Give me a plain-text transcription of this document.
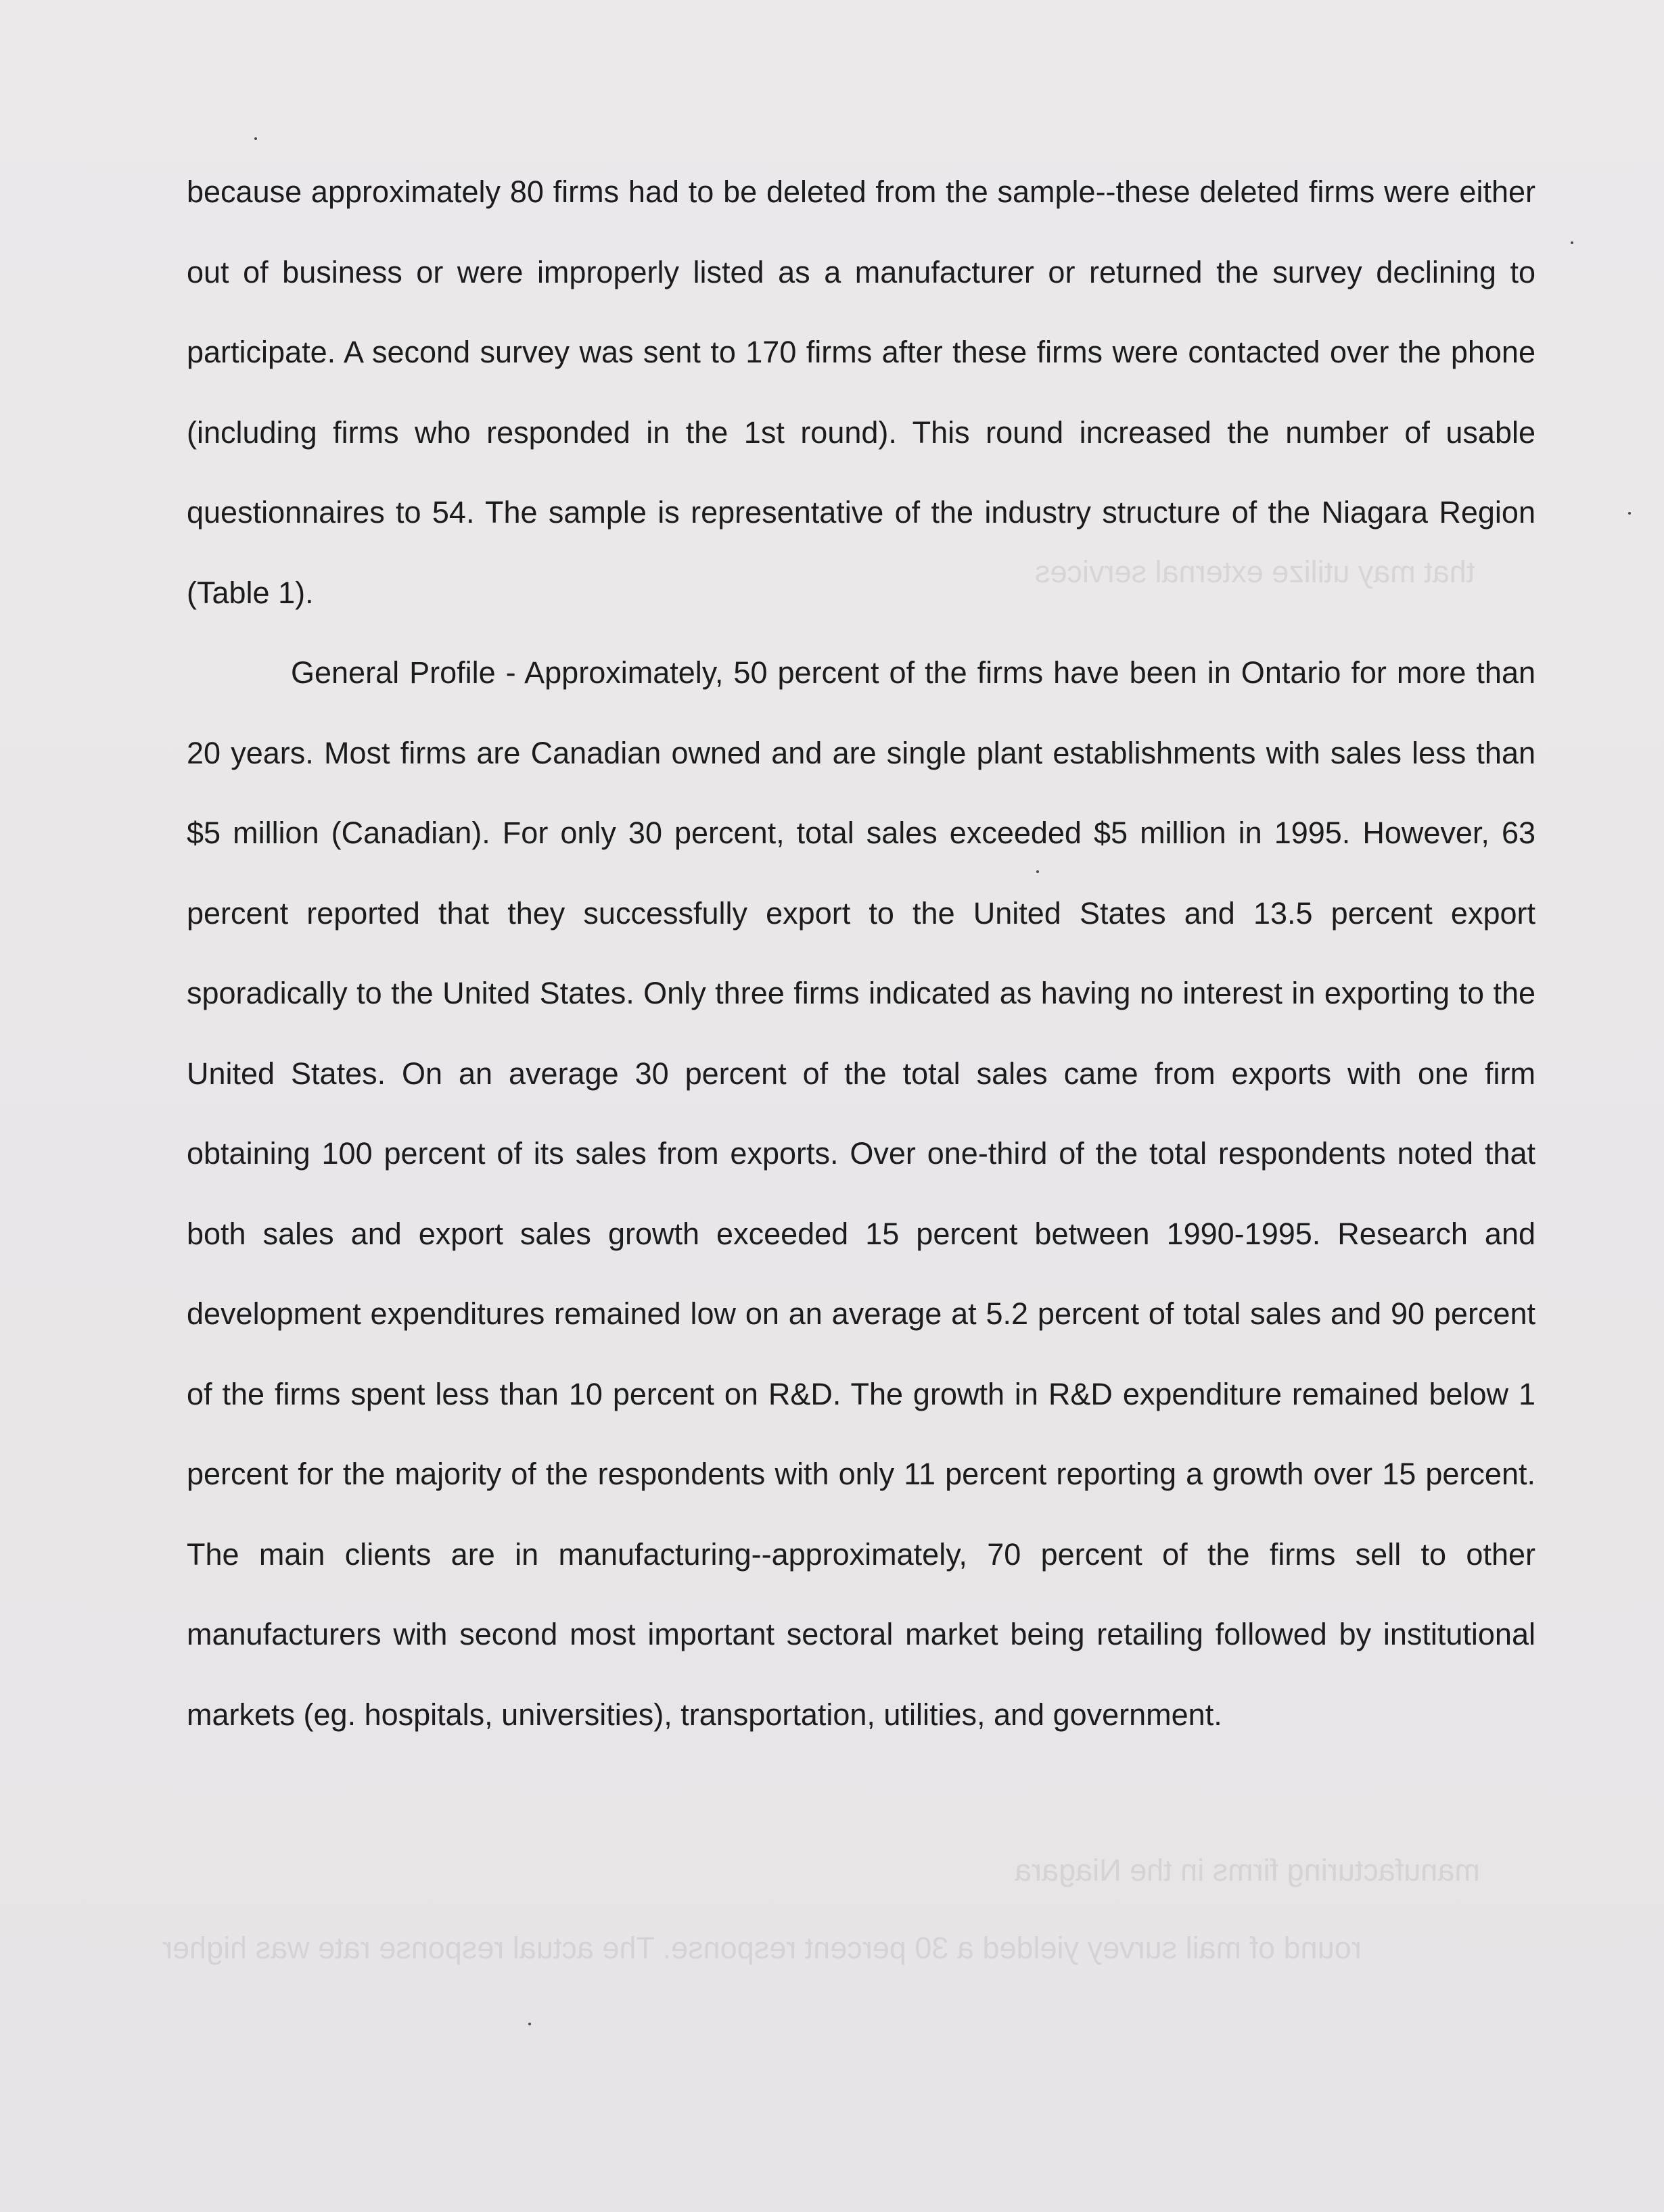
that may utilize external services
manufacturing firms in the Niagara
round of mail survey yielded a 30 percent response. The actual response rate was higher

because approximately 80 firms had to be deleted from the sample--these deleted firms were either out of business or were improperly listed as a manufacturer or returned the survey declining to participate. A second survey was sent to 170 firms after these firms were contacted over the phone (including firms who responded in the 1st round). This round increased the number of usable questionnaires to 54. The sample is representative of the industry structure of the Niagara Region (Table 1).

General Profile - Approximately, 50 percent of the firms have been in Ontario for more than 20 years. Most firms are Canadian owned and are single plant establishments with sales less than $5 million (Canadian). For only 30 percent, total sales exceeded $5 million in 1995. However, 63 percent reported that they successfully export to the United States and 13.5 percent export sporadically to the United States. Only three firms indicated as having no interest in exporting to the United States. On an average 30 percent of the total sales came from exports with one firm obtaining 100 percent of its sales from exports. Over one-third of the total respondents noted that both sales and export sales growth exceeded 15 percent between 1990-1995. Research and development expenditures remained low on an average at 5.2 percent of total sales and 90 percent of the firms spent less than 10 percent on R&D. The growth in R&D expenditure remained below 1 percent for the majority of the respondents with only 11 percent reporting a growth over 15 percent. The main clients are in manufacturing--approximately, 70 percent of the firms sell to other manufacturers with second most important sectoral market being retailing followed by institutional markets (eg. hospitals, universities), transportation, utilities, and government.
